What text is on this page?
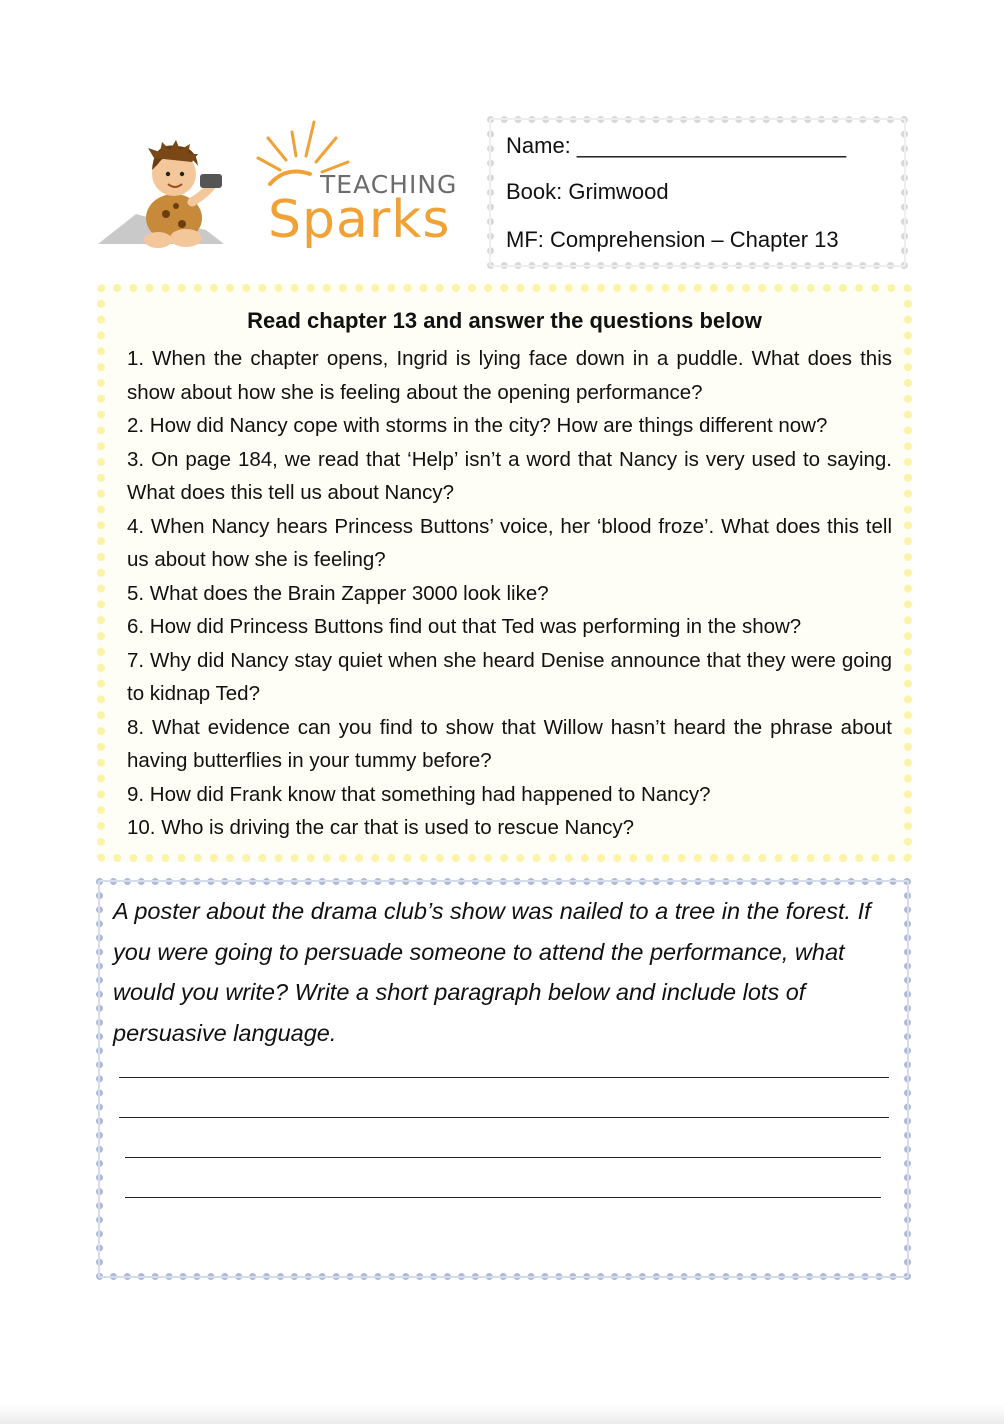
TEACHING
Sparks
Name: ______________________
Book: Grimwood
MF: Comprehension – Chapter 13
Read chapter 13 and answer the questions below

1. When the chapter opens, Ingrid is lying face down in a puddle. What does this show about how she is feeling about the opening performance?

2. How did Nancy cope with storms in the city? How are things different now?

3. On page 184, we read that ‘Help’ isn’t a word that Nancy is very used to saying. What does this tell us about Nancy?

4. When Nancy hears Princess Buttons’ voice, her ‘blood froze’. What does this tell us about how she is feeling?

5. What does the Brain Zapper 3000 look like?

6. How did Princess Buttons find out that Ted was performing in the show?

7. Why did Nancy stay quiet when she heard Denise announce that they were going to kidnap Ted?

8. What evidence can you find to show that Willow hasn’t heard the phrase about having butterflies in your tummy before?

9. How did Frank know that something had happened to Nancy?

10. Who is driving the car that is used to rescue Nancy?

A poster about the drama club’s show was nailed to a tree in the forest. If you were going to persuade someone to attend the performance, what would you write? Write a short paragraph below and include lots of persuasive language.
